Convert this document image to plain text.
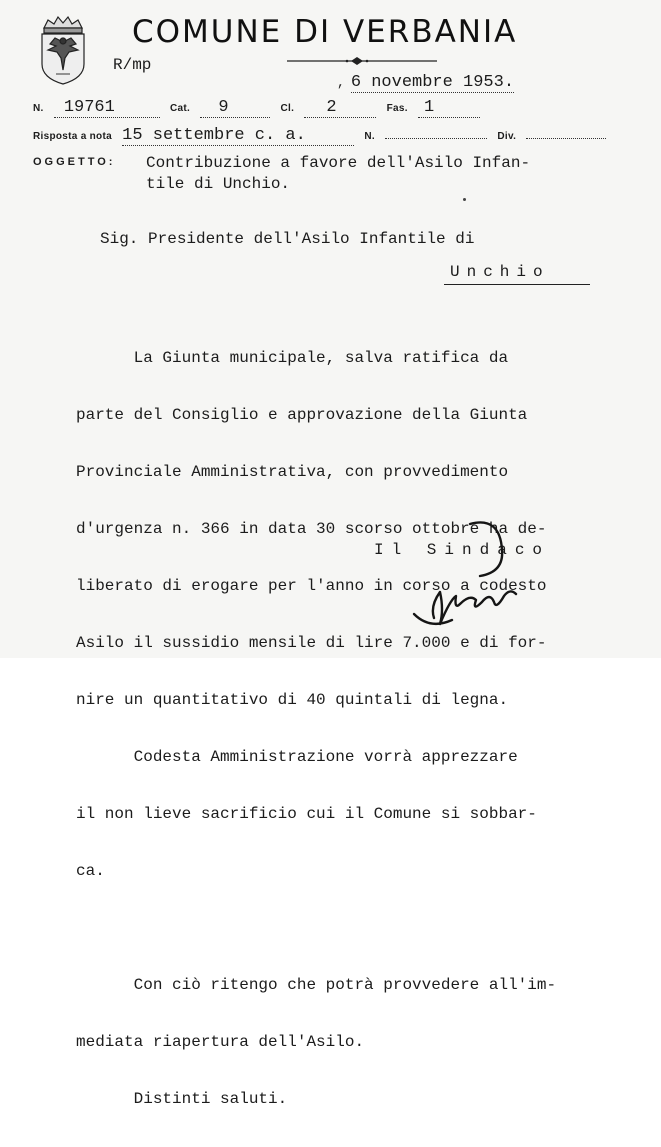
COMUNE DI VERBANIA
R/mp
, 6 novembre 1953.
N. 19761	Cat. 9	Cl. 2	Fas. 1
Risposta a nota 15 settembre c. a.	N.	Div.
OGGETTO: Contribuzione a favore dell'Asilo Infan-
tile di Unchio.
Sig. Presidente dell'Asilo Infantile di
Unchio

La Giunta municipale, salva ratifica da

parte del Consiglio e approvazione della Giunta

Provinciale Amministrativa, con provvedimento

d'urgenza n. 366 in data 30 scorso ottobre ha de-

liberato di erogare per l'anno in corso a codesto

Asilo il sussidio mensile di lire 7.000 e di for-

nire un quantitativo di 40 quintali di legna.

Codesta Amministrazione vorrà apprezzare

il non lieve sacrificio cui il Comune si sobbar-

ca.

Con ciò ritengo che potrà provvedere all'im-

mediata riapertura dell'Asilo.

Distinti saluti.

Il Sindaco
